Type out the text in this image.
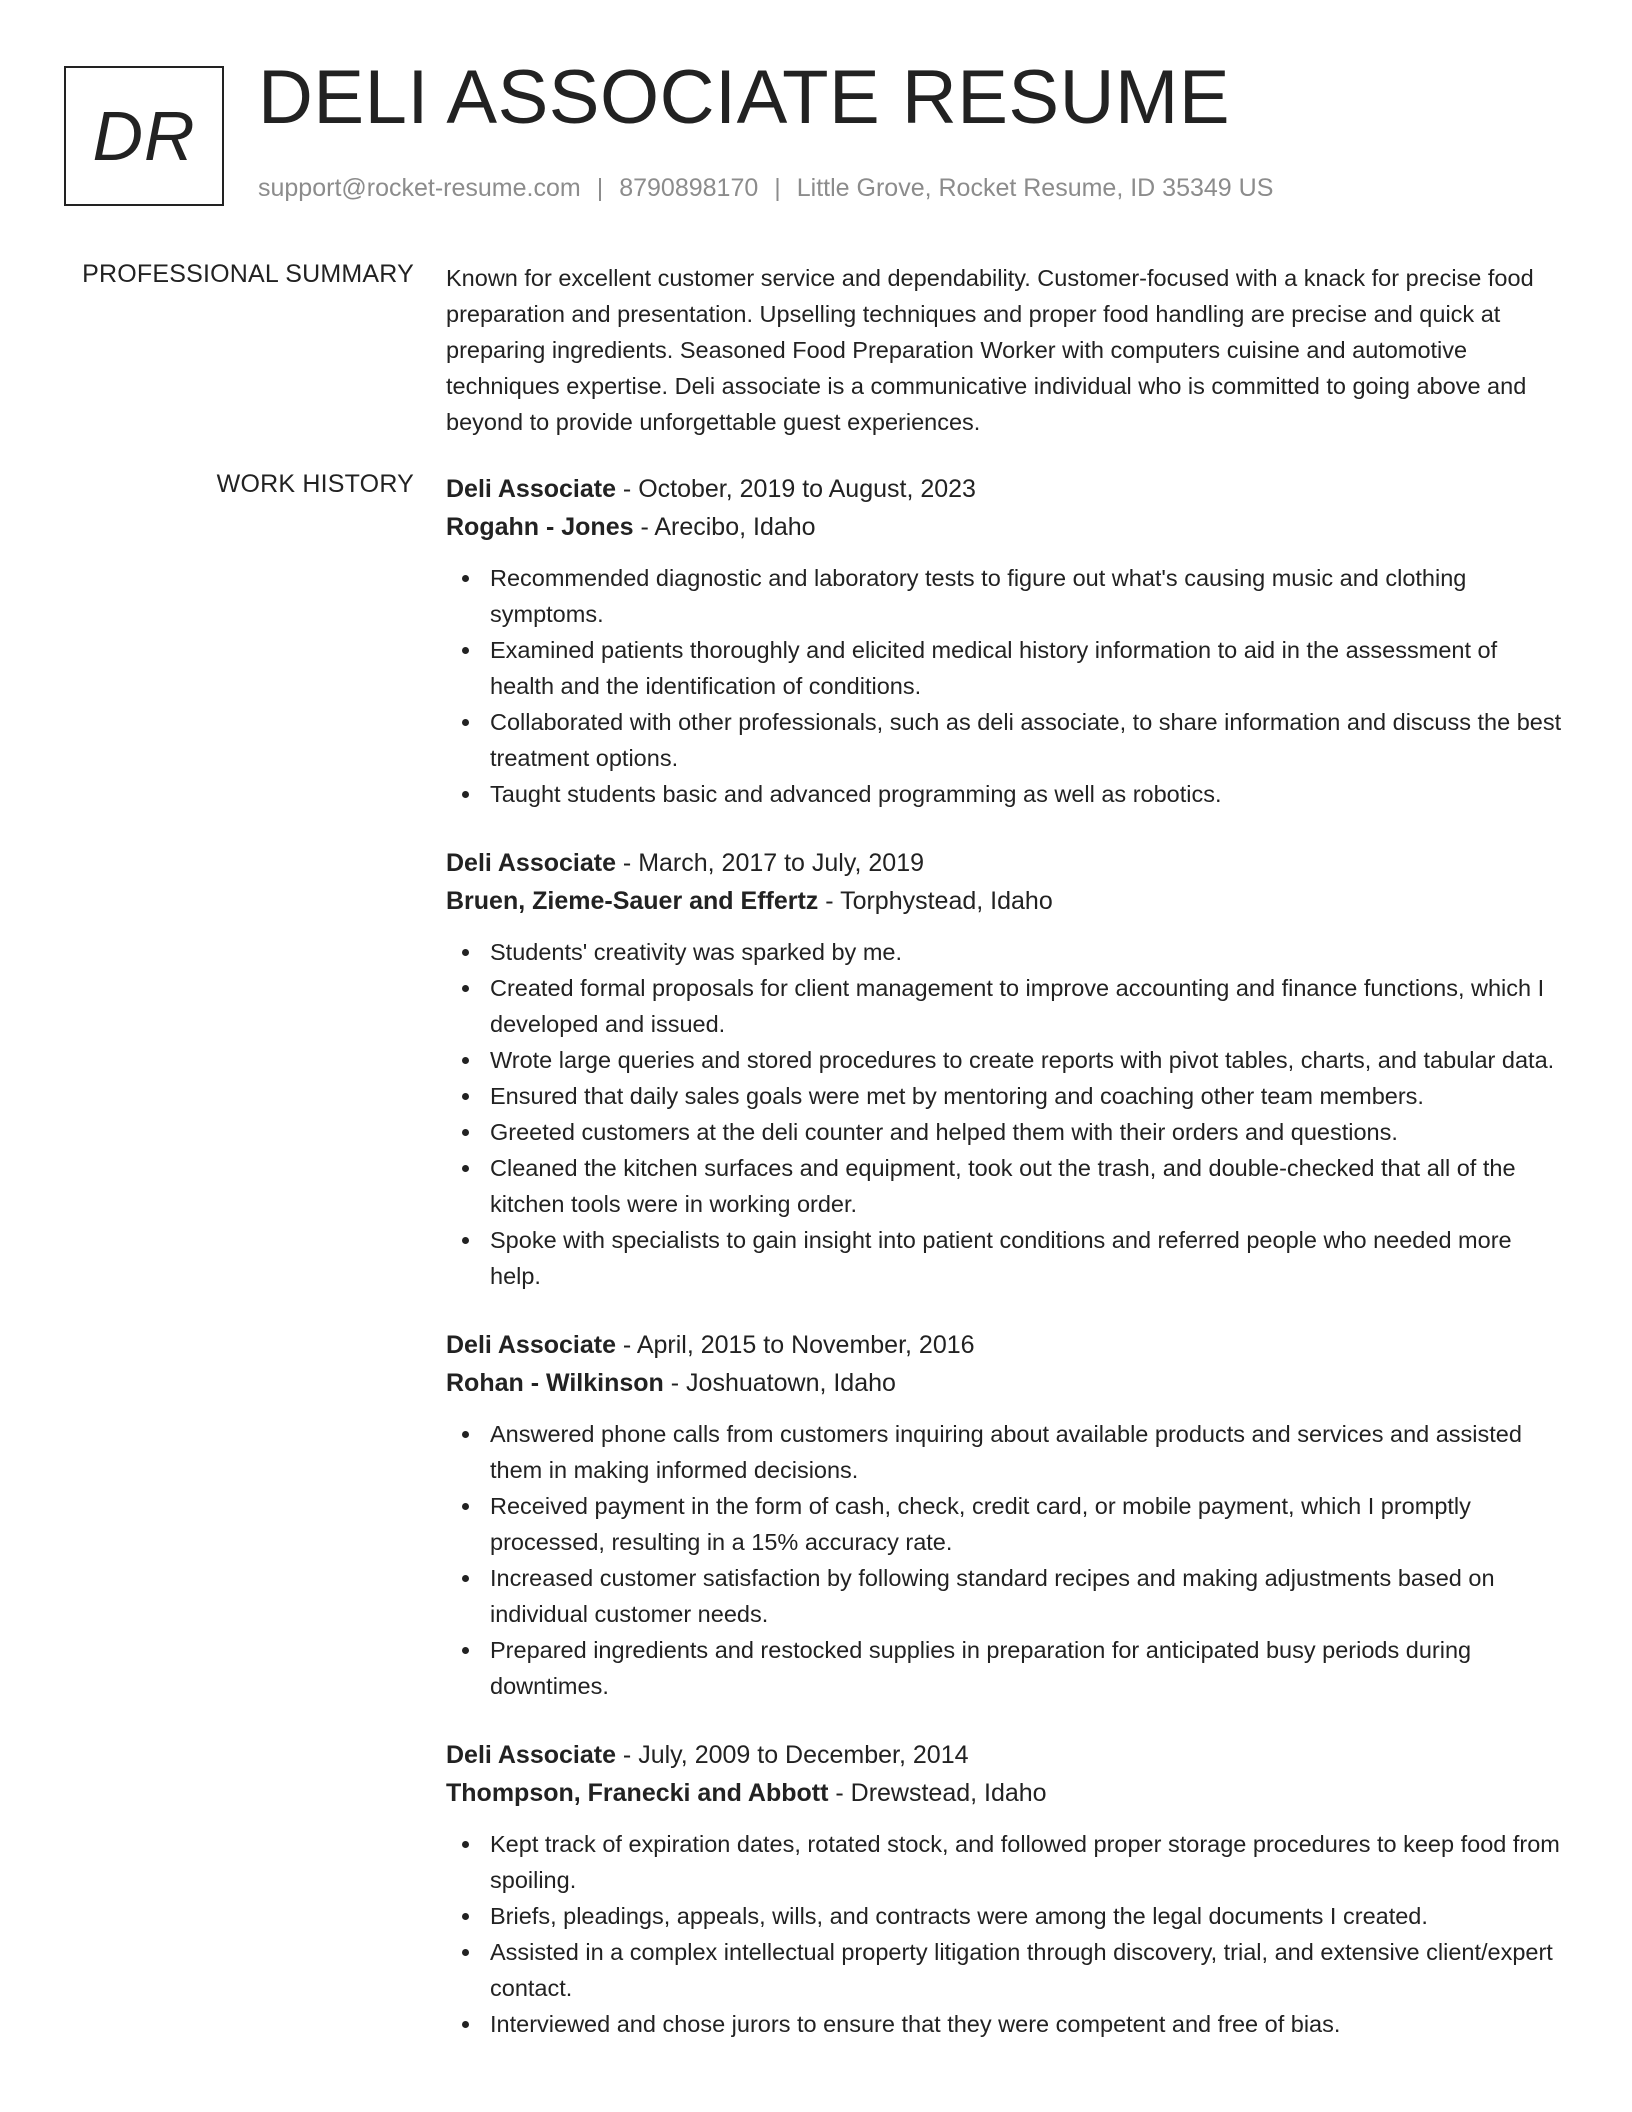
DR DELI ASSOCIATE RESUME
support@rocket-resume.com | 8790898170 | Little Grove, Rocket Resume, ID 35349 US
PROFESSIONAL SUMMARY Known for excellent customer service and dependability. Customer-focused with a knack for precise food preparation and presentation. Upselling techniques and proper food handling are precise and quick at preparing ingredients. Seasoned Food Preparation Worker with computers cuisine and automotive techniques expertise. Deli associate is a communicative individual who is committed to going above and beyond to provide unforgettable guest experiences.

WORK HISTORY Deli Associate - October, 2019 to August, 2023
Rogahn - Jones - Arecibo, Idaho
Recommended diagnostic and laboratory tests to figure out what's causing music and clothing symptoms.
Examined patients thoroughly and elicited medical history information to aid in the assessment of health and the identification of conditions.
Collaborated with other professionals, such as deli associate, to share information and discuss the best treatment options.
Taught students basic and advanced programming as well as robotics.
Deli Associate - March, 2017 to July, 2019
Bruen, Zieme-Sauer and Effertz - Torphystead, Idaho
Students' creativity was sparked by me.
Created formal proposals for client management to improve accounting and finance functions, which I developed and issued.
Wrote large queries and stored procedures to create reports with pivot tables, charts, and tabular data.
Ensured that daily sales goals were met by mentoring and coaching other team members.
Greeted customers at the deli counter and helped them with their orders and questions.
Cleaned the kitchen surfaces and equipment, took out the trash, and double-checked that all of the kitchen tools were in working order.
Spoke with specialists to gain insight into patient conditions and referred people who needed more help.
Deli Associate - April, 2015 to November, 2016
Rohan - Wilkinson - Joshuatown, Idaho
Answered phone calls from customers inquiring about available products and services and assisted them in making informed decisions.
Received payment in the form of cash, check, credit card, or mobile payment, which I promptly processed, resulting in a 15% accuracy rate.
Increased customer satisfaction by following standard recipes and making adjustments based on individual customer needs.
Prepared ingredients and restocked supplies in preparation for anticipated busy periods during downtimes.
Deli Associate - July, 2009 to December, 2014
Thompson, Franecki and Abbott - Drewstead, Idaho
Kept track of expiration dates, rotated stock, and followed proper storage procedures to keep food from spoiling.
Briefs, pleadings, appeals, wills, and contracts were among the legal documents I created.
Assisted in a complex intellectual property litigation through discovery, trial, and extensive client/expert contact.
Interviewed and chose jurors to ensure that they were competent and free of bias.
